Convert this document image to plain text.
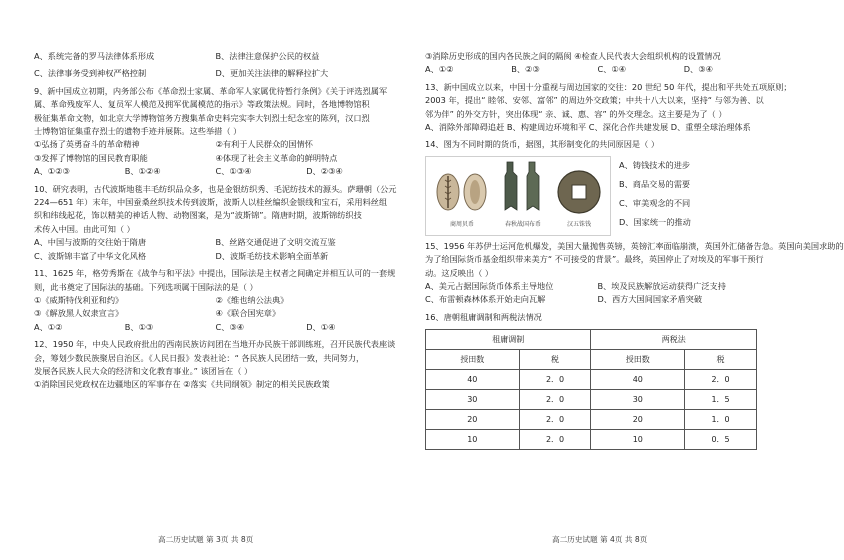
A、系统完备的罗马法律体系形成	B、法律注意保护公民的权益
C、法律事务受到神权严格控制	D、更加关注法律的解释拉扩大
9、新中国成立初期，内务部公布《革命烈士家属、革命军人家属优待暂行条例》《关于评选烈属军
属、革命残废军人、复员军人模范及拥军优属模范的指示》等政策法规。同时，各地博物馆积
极征集革命文物，如北京大学博物馆务方搜集革命史料完实李大钊烈士纪念室的陈列，汉口烈
士博物馆征集重存烈士的遗物手迹并展陈。这些举措（ ）
①弘扬了英勇奋斗的革命精神	②有利于人民群众的国情怀
③发挥了博物馆的国民教育职能	④体现了社会主义革命的鲜明特点
A、①②③	B、①②④	C、①③④	D、②③④
10、研究表明，古代波斯地毯丰毛纺织品众多，也是金银纺织秀、毛泥纺技术的源头。萨珊朝（公元
224—651 年）末年，中国蚕桑丝织技术传到波斯，波斯人以桂丝编织金银线和宝石，采用料丝组
织和纬线起花，饰以精美的神话人物、动物图案，是为“波斯锦”。隋唐时期，波斯锦纺织技
术传入中国。由此可知（ ）
A、中国与波斯的交往始于隋唐	B、丝路交通促进了文明交流互鉴
C、波斯锦丰富了中华文化风格	D、波斯毛纺技术影响全面革新
11、1625 年，格劳秀斯在《战争与和平法》中提出，国际法是主权者之间确定并相互认可的一套规
则，此书奠定了国际法的基础。下列选项属于国际法的是（ ）
①《威斯特伐利亚和约》	②《维也纳公法典》
③《解放黑人奴隶宣言》	④《联合国宪章》
A、①②	B、①③	C、③④	D、①④
12、1950 年，中央人民政府批出的西南民族访问团在当地开办民族干部训练班，召开民族代表座谈
会，筹划少数民族聚居自治区。《人民日报》发表社论：“ 各民族人民团结一致，共同努力，
发展各民族人民大众的经济和文化教育事业。” 该团旨在（ ）
①消除国民党政权在边疆地区的军事存在 ②落实《共同纲领》制定的相关民族政策
③消除历史形成的国内各民族之间的隔阂 ④检查人民代表大会组织机构的设置情况
A、①②	B、②③	C、①④	D、③④
13、新中国成立以来，中国十分重视与周边国家的交往：20 世纪 50 年代，提出和平共处五项原则；
2003 年，提出“ 睦邻、安邻、富邻” 的周边外交政策；中共十八大以来，坚持“ 与邻为善、以
邻为伴” 的外交方针，突出体现“ 亲、诚、惠、容” 的外交理念。这主要是为了（ ）
A、消除外部障碍追赶 B、构建周边环境和平 C、深化合作共建发展 D、重塑全球治理体系
14、图为不同时期的货币，据图，其形制变化的共同原因是（ ）
商周贝币	春秋战国布币	汉五铢钱
A、铸钱技术的进步
B、商品交易的需要
C、审美观念的不同
D、国家统一的推动
15、1956 年苏伊士运河危机爆发，美国大量抛售英镑，英镑汇率面临崩溃，英国外汇储备告急。英国向美国求助的
为了给国际货币基金组织带来美方“ 不可接受的背景”。最终，英国停止了对埃及的军事干预行
动。这反映出（ ）
A、美元占据国际货币体系主导地位	B、埃及民族解放运动获得广泛支持
C、布雷顿森林体系开始走向瓦解	D、西方大国间国家矛盾突破
16、唐朝租庸调制和两税法情况
租庸调制		两税法	
授田数	税	授田数	税
40	2．0	40	2．0
30	2．0	30	1．5
20	2．0	20	1．0
10	2．0	10	0．5
高二历史试题 第 3页 共 8页	高二历史试题 第 4页 共 8页
